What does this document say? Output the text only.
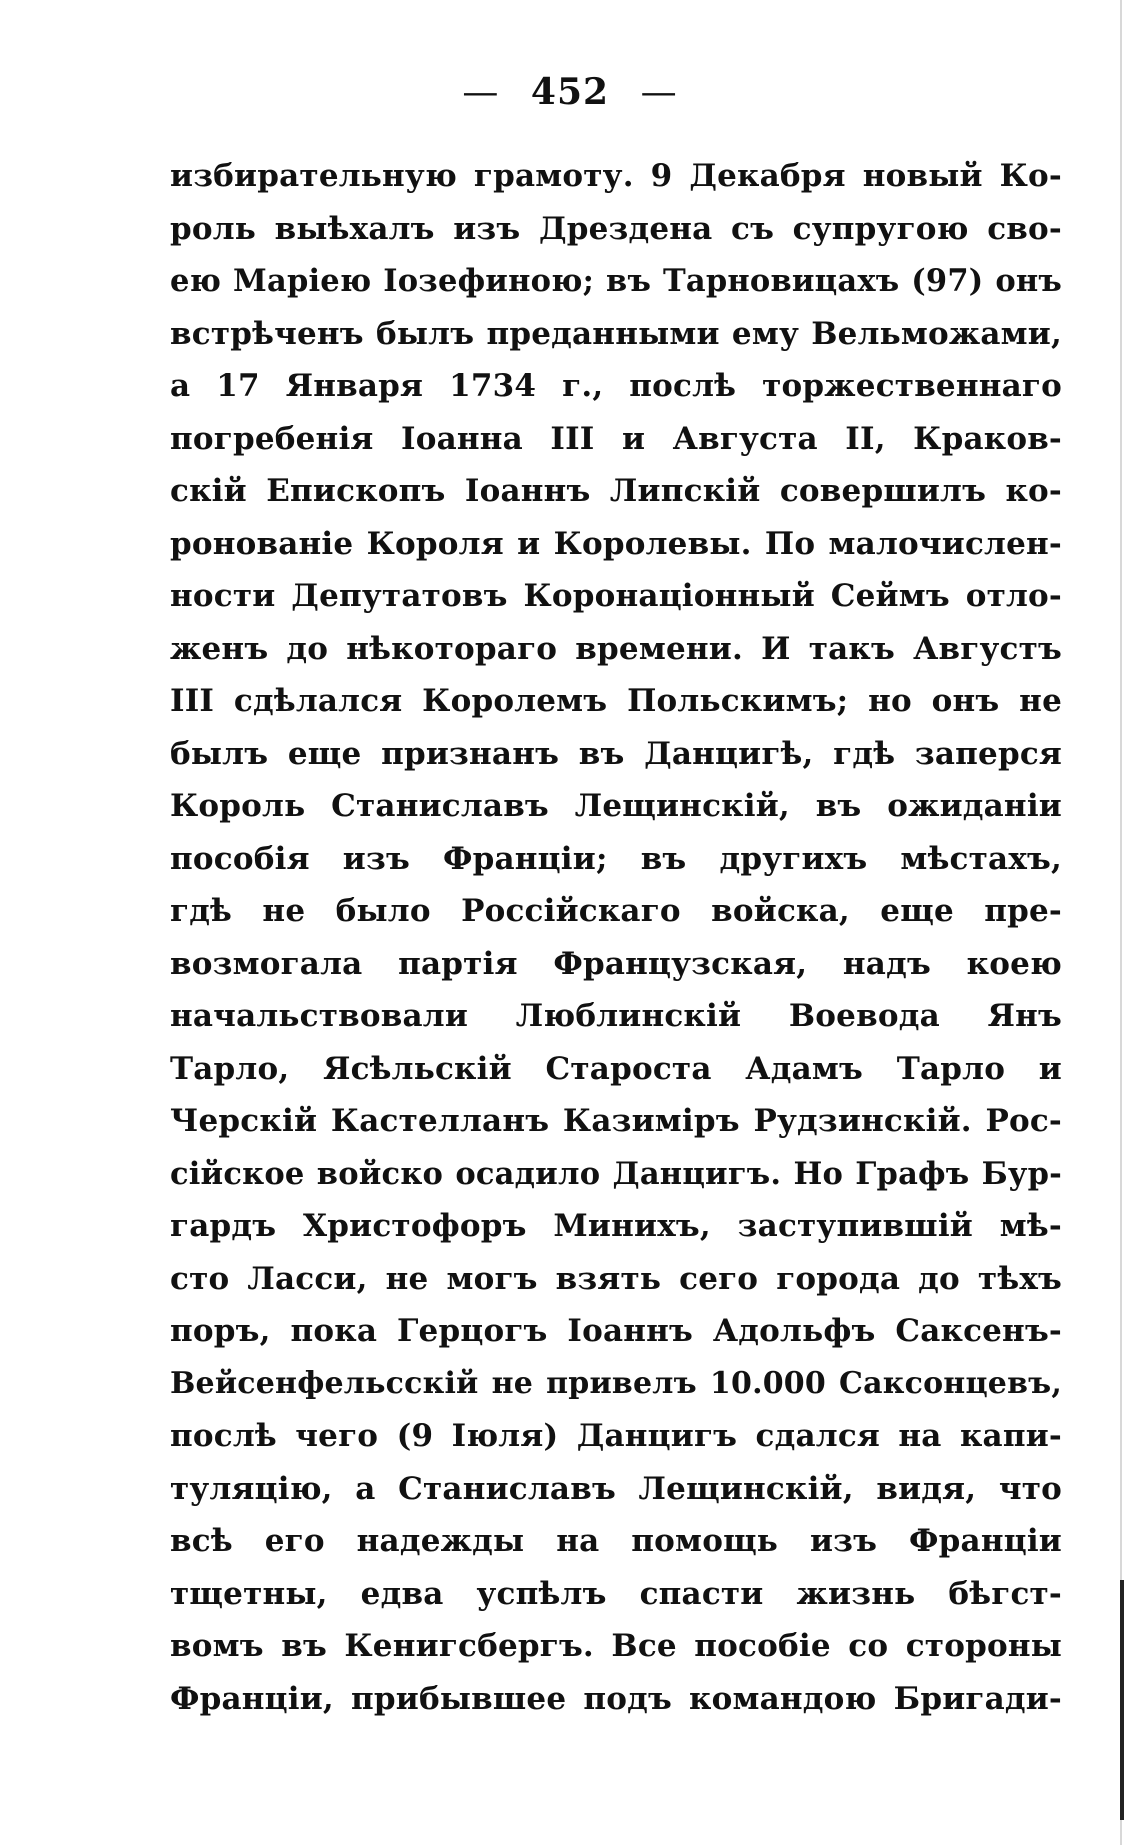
— 452 —
избирательную грамоту. 9 Декабря новый Ко-
роль выѣхалъ изъ Дрездена съ супругою сво-
ею Маріею Іозефиною; въ Тарновицахъ (97) онъ
встрѣченъ былъ преданными ему Вельможами,
а 17 Января 1734 г., послѣ торжественнаго
погребенія Іоанна III и Августа II, Краков-
скій Епископъ Іоаннъ Липскій совершилъ ко-
ронованіе Короля и Королевы. По малочислен-
ности Депутатовъ Коронаціонный Сеймъ отло-
женъ до нѣкотораго времени. И такъ Августъ
III сдѣлался Королемъ Польскимъ; но онъ не
былъ еще признанъ въ Данцигѣ, гдѣ заперся
Король Станиславъ Лещинскій, въ ожиданіи
пособія изъ Франціи; въ другихъ мѣстахъ,
гдѣ не было Россійскаго войска, еще пре-
возмогала партія Французская, надъ коею
начальствовали Люблинскій Воевода Янъ
Тарло, Ясѣльскій Староста Адамъ Тарло и
Черскій Кастелланъ Казиміръ Рудзинскій. Рос-
сійское войско осадило Данцигъ. Но Графъ Бур-
гардъ Христофоръ Минихъ, заступившій мѣ-
сто Ласси, не могъ взять сего города до тѣхъ
поръ, пока Герцогъ Іоаннъ Адольфъ Саксенъ-
Вейсенфельсскій не привелъ 10.000 Саксонцевъ,
послѣ чего (9 Іюля) Данцигъ сдался на капи-
туляцію, а Станиславъ Лещинскій, видя, что
всѣ его надежды на помощь изъ Франціи
тщетны, едва успѣлъ спасти жизнь бѣгст-
вомъ въ Кенигсбергъ. Все пособіе со стороны
Франціи, прибывшее подъ командою Бригади-
